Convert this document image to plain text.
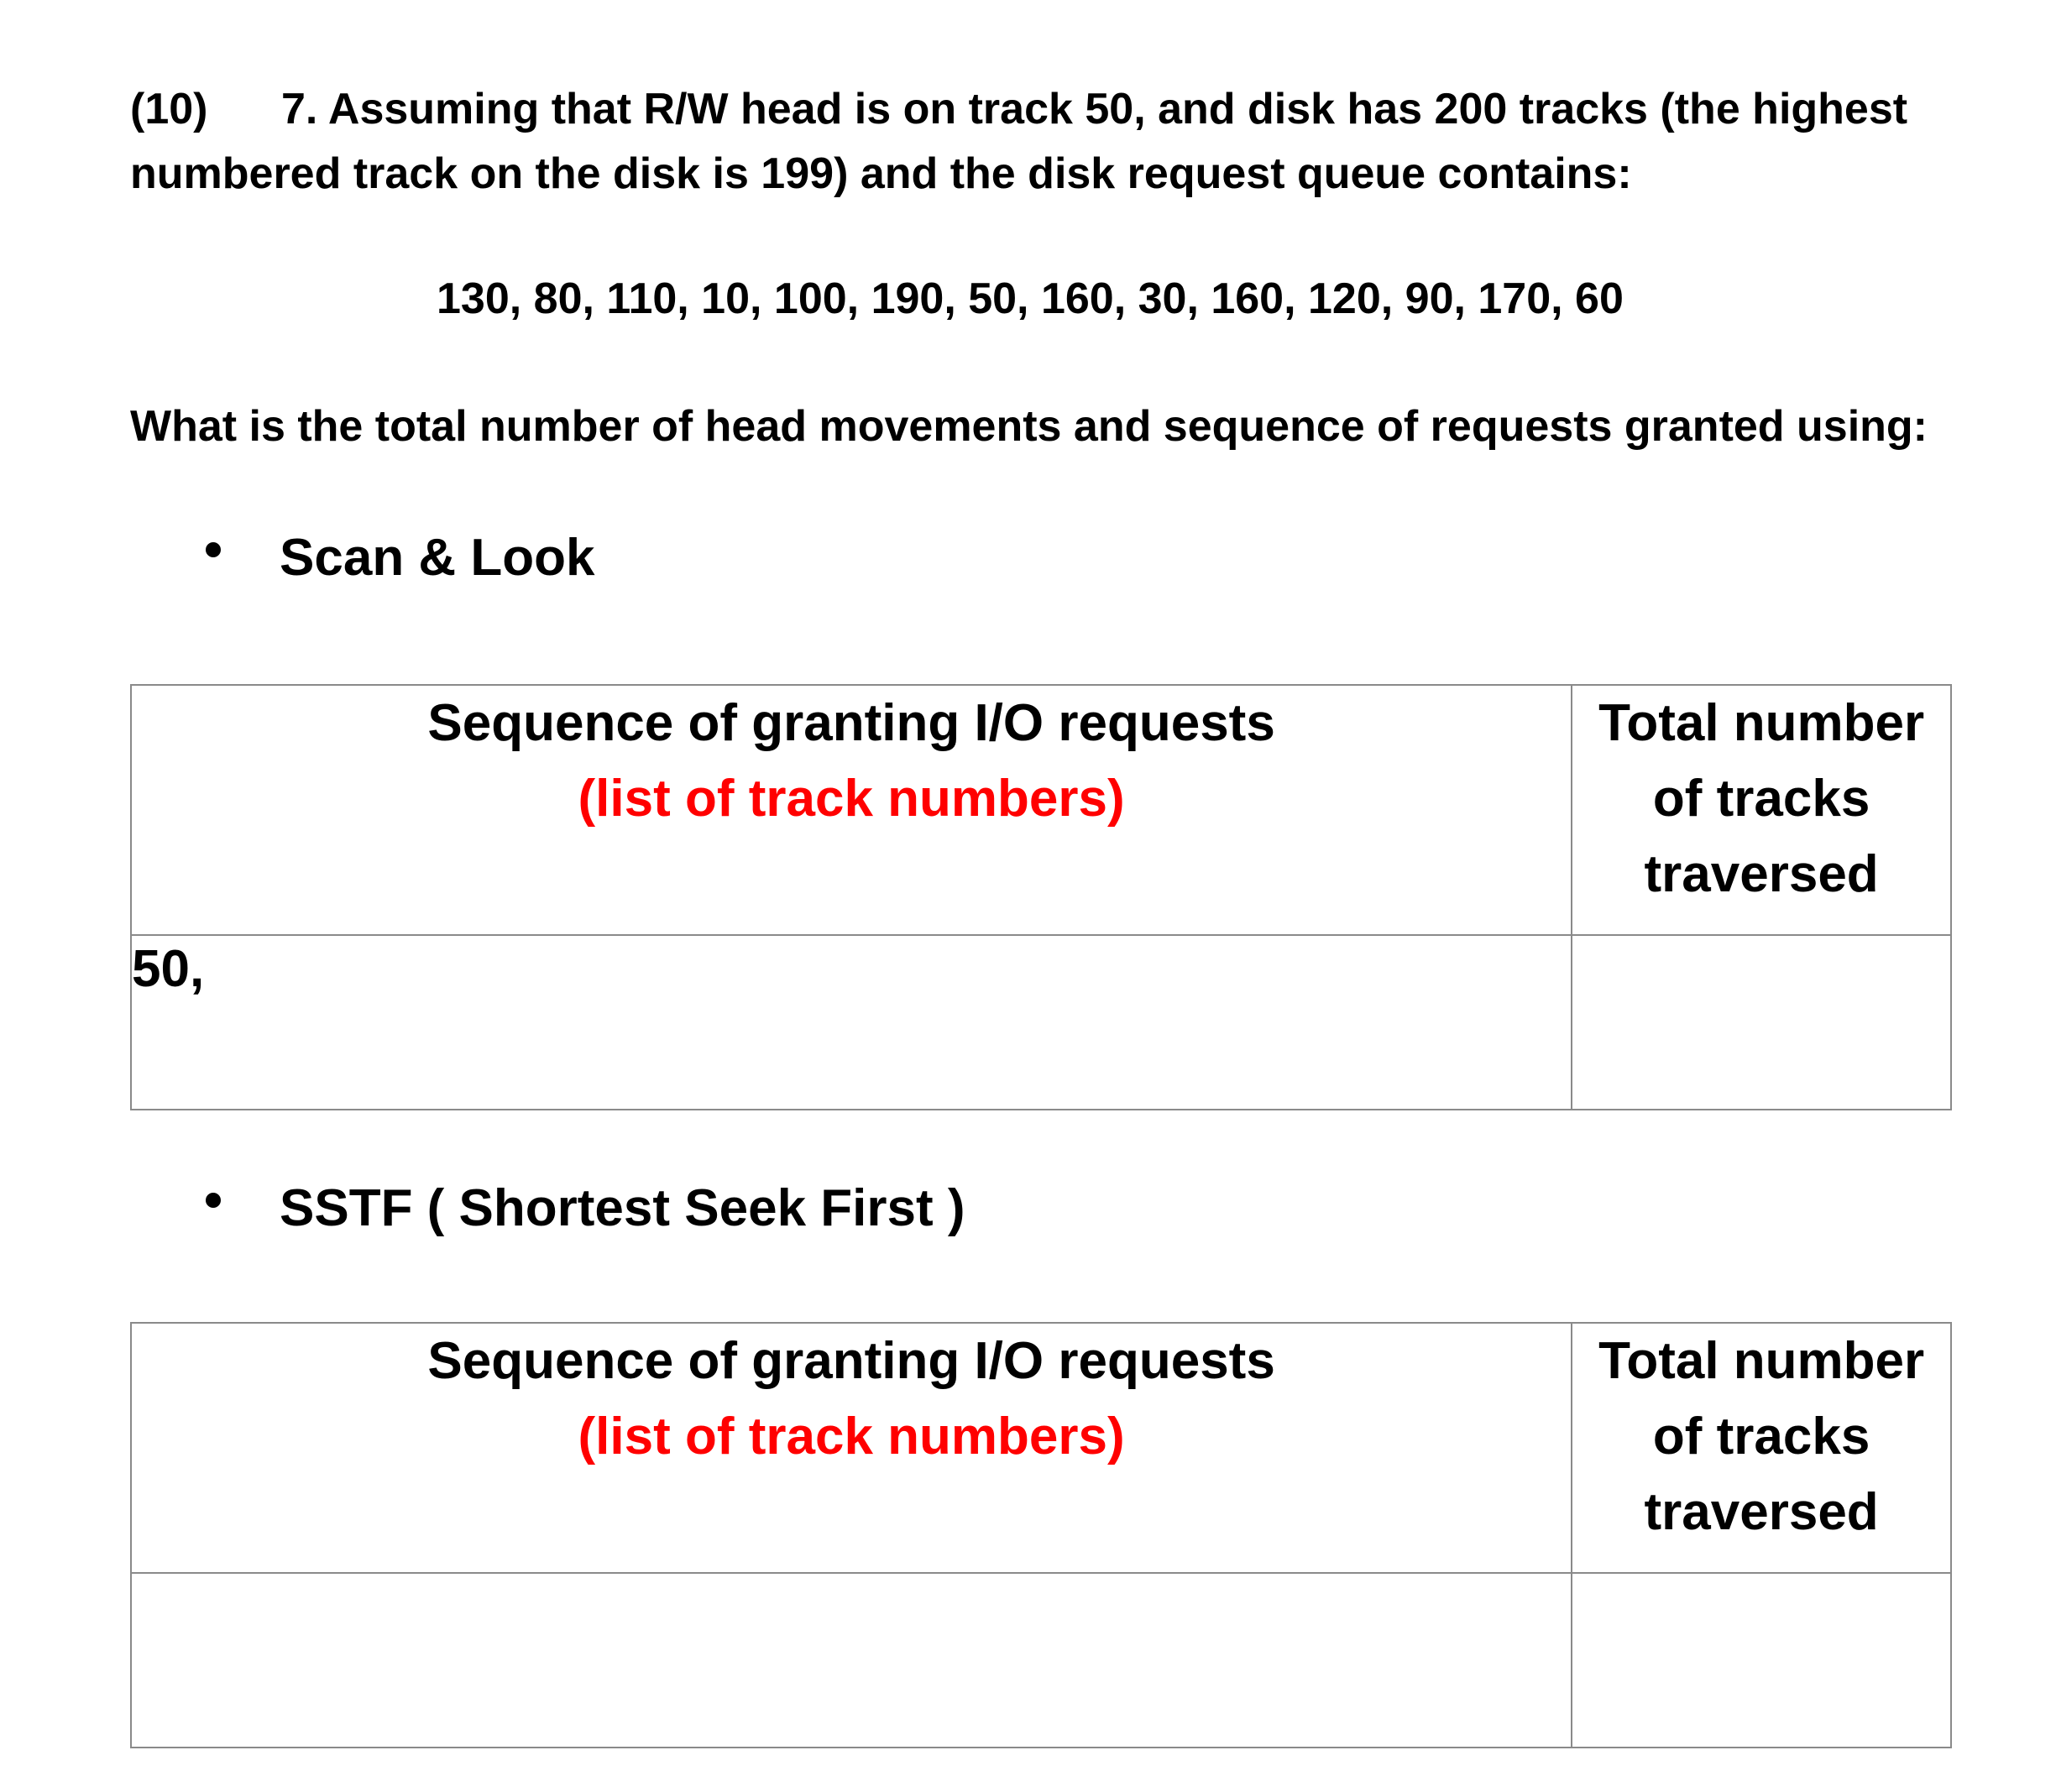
(10) 7. Assuming that R/W head is on track 50, and disk has 200 tracks (the highest numbered track on the disk is 199) and the disk request queue contains:
130, 80, 110, 10, 100, 190, 50, 160, 30, 160, 120, 90, 170, 60
What is the total number of head movements and sequence of requests granted using:
Scan & Look
Sequence of granting I/O requests
(list of track numbers)	Total number of tracks traversed
50,	
SSTF ( Shortest Seek First )
Sequence of granting I/O requests
(list of track numbers)	Total number of tracks traversed
